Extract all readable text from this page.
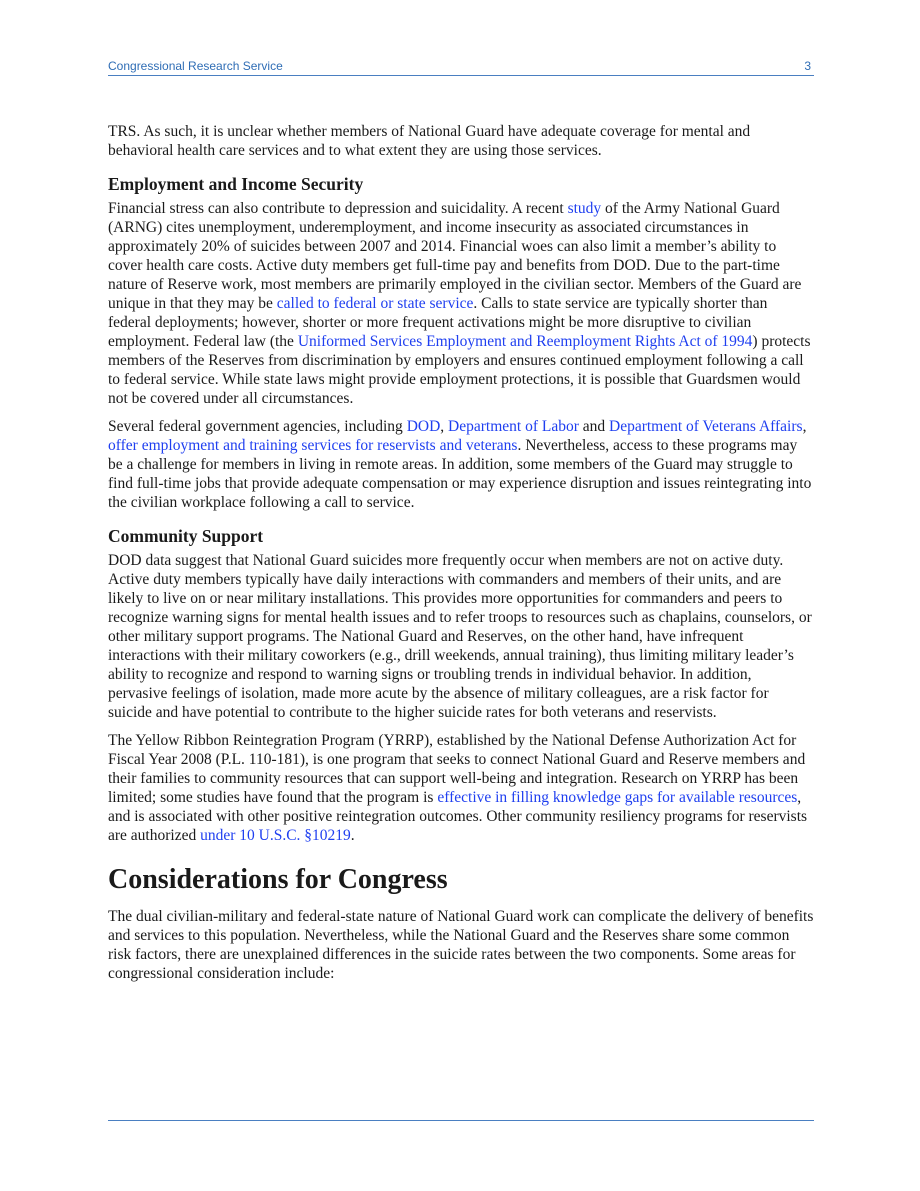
Congressional Research Service	3

TRS. As such, it is unclear whether members of National Guard have adequate coverage for mental and behavioral health care services and to what extent they are using those services.

Employment and Income Security

Financial stress can also contribute to depression and suicidality. A recent study of the Army National Guard (ARNG) cites unemployment, underemployment, and income insecurity as associated circumstances in approximately 20% of suicides between 2007 and 2014. Financial woes can also limit a member’s ability to cover health care costs. Active duty members get full-time pay and benefits from DOD. Due to the part-time nature of Reserve work, most members are primarily employed in the civilian sector. Members of the Guard are unique in that they may be called to federal or state service. Calls to state service are typically shorter than federal deployments; however, shorter or more frequent activations might be more disruptive to civilian employment. Federal law (the Uniformed Services Employment and Reemployment Rights Act of 1994) protects members of the Reserves from discrimination by employers and ensures continued employment following a call to federal service. While state laws might provide employment protections, it is possible that Guardsmen would not be covered under all circumstances.

Several federal government agencies, including DOD, Department of Labor and Department of Veterans Affairs, offer employment and training services for reservists and veterans. Nevertheless, access to these programs may be a challenge for members in living in remote areas. In addition, some members of the Guard may struggle to find full-time jobs that provide adequate compensation or may experience disruption and issues reintegrating into the civilian workplace following a call to service.

Community Support

DOD data suggest that National Guard suicides more frequently occur when members are not on active duty. Active duty members typically have daily interactions with commanders and members of their units, and are likely to live on or near military installations. This provides more opportunities for commanders and peers to recognize warning signs for mental health issues and to refer troops to resources such as chaplains, counselors, or other military support programs. The National Guard and Reserves, on the other hand, have infrequent interactions with their military coworkers (e.g., drill weekends, annual training), thus limiting military leader’s ability to recognize and respond to warning signs or troubling trends in individual behavior. In addition, pervasive feelings of isolation, made more acute by the absence of military colleagues, are a risk factor for suicide and have potential to contribute to the higher suicide rates for both veterans and reservists.

The Yellow Ribbon Reintegration Program (YRRP), established by the National Defense Authorization Act for Fiscal Year 2008 (P.L. 110-181), is one program that seeks to connect National Guard and Reserve members and their families to community resources that can support well-being and integration. Research on YRRP has been limited; some studies have found that the program is effective in filling knowledge gaps for available resources, and is associated with other positive reintegration outcomes. Other community resiliency programs for reservists are authorized under 10 U.S.C. §10219.

Considerations for Congress

The dual civilian-military and federal-state nature of National Guard work can complicate the delivery of benefits and services to this population. Nevertheless, while the National Guard and the Reserves share some common risk factors, there are unexplained differences in the suicide rates between the two components. Some areas for congressional consideration include:
